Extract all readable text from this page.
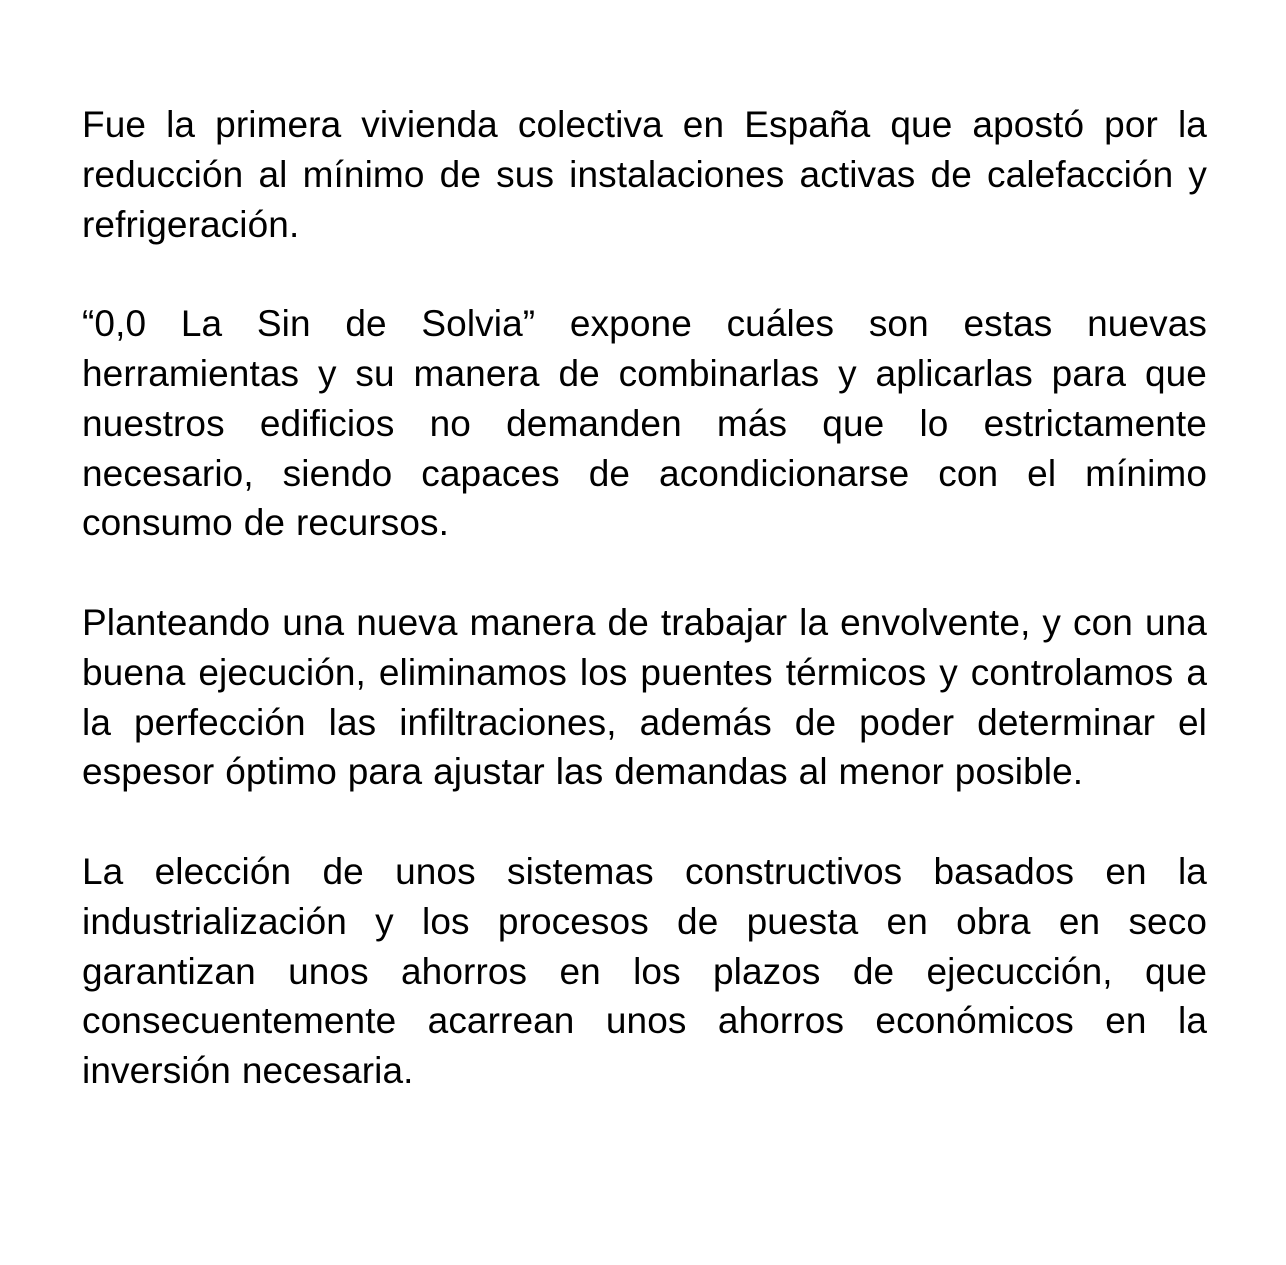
Fue la primera vivienda colectiva en España que apostó por la reducción al mínimo de sus instalaciones activas de calefacción y refrigeración.

“0,0 La Sin de Solvia” expone cuáles son estas nuevas herramientas y su manera de combinarlas y aplicarlas para que nuestros edificios no demanden más que lo estrictamente necesario, siendo capaces de acondicionarse con el mínimo consumo de recursos.

Planteando una nueva manera de trabajar la envolvente, y con una buena ejecución, eliminamos los puentes térmicos y controlamos a la perfección las infiltraciones, además de poder determinar el espesor óptimo para ajustar las demandas al menor posible.

La elección de unos sistemas constructivos basados en la industrialización y los procesos de puesta en obra en seco garantizan unos ahorros en los plazos de ejecucción, que consecuentemente acarrean unos ahorros económicos en la inversión necesaria.
